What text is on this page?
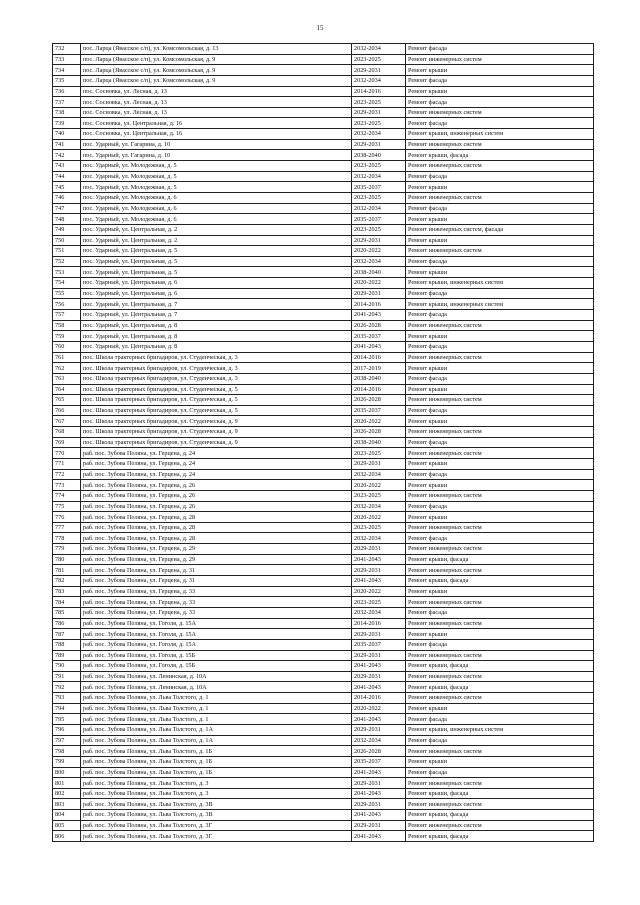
15
732	пос. Ларца (Явасское с/п), ул. Комсомольская, д. 13	2032-2034	Ремонт фасада
733	пос. Ларца (Явасское с/п), ул. Комсомольская, д. 9	2023-2025	Ремонт инженерных систем
734	пос. Ларца (Явасское с/п), ул. Комсомольская, д. 9	2029-2031	Ремонт крыши
735	пос. Ларца (Явасское с/п), ул. Комсомольская, д. 9	2032-2034	Ремонт фасада
736	пос. Сосновка, ул. Лесная, д. 13	2014-2016	Ремонт крыши
737	пос. Сосновка, ул. Лесная, д. 13	2023-2025	Ремонт фасада
738	пос. Сосновка, ул. Лесная, д. 13	2029-2031	Ремонт инженерных систем
739	пос. Сосновка, ул. Центральная, д. 16	2023-2025	Ремонт фасада
740	пос. Сосновка, ул. Центральная, д. 16	2032-2034	Ремонт крыши, инженерных систем
741	пос. Ударный, ул. Гагарина, д. 10	2029-2031	Ремонт инженерных систем
742	пос. Ударный, ул. Гагарина, д. 10	2038-2040	Ремонт крыши, фасада
743	пос. Ударный, ул. Молодежная, д. 5	2023-2025	Ремонт инженерных систем
744	пос. Ударный, ул. Молодежная, д. 5	2032-2034	Ремонт фасада
745	пос. Ударный, ул. Молодежная, д. 5	2035-2037	Ремонт крыши
746	пос. Ударный, ул. Молодежная, д. 6	2023-2025	Ремонт инженерных систем
747	пос. Ударный, ул. Молодежная, д. 6	2032-2034	Ремонт фасада
748	пос. Ударный, ул. Молодежная, д. 6	2035-2037	Ремонт крыши
749	пос. Ударный, ул. Центральная, д. 2	2023-2025	Ремонт инженерных систем, фасада
750	пос. Ударный, ул. Центральная, д. 2	2029-2031	Ремонт крыши
751	пос. Ударный, ул. Центральная, д. 5	2020-2022	Ремонт инженерных систем
752	пос. Ударный, ул. Центральная, д. 5	2032-2034	Ремонт фасада
753	пос. Ударный, ул. Центральная, д. 5	2038-2040	Ремонт крыши
754	пос. Ударный, ул. Центральная, д. 6	2020-2022	Ремонт крыши, инженерных систем
755	пос. Ударный, ул. Центральная, д. 6	2029-2031	Ремонт фасада
756	пос. Ударный, ул. Центральная, д. 7	2014-2016	Ремонт крыши, инженерных систем
757	пос. Ударный, ул. Центральная, д. 7	2041-2043	Ремонт фасада
758	пос. Ударный, ул. Центральная, д. 8	2026-2028	Ремонт инженерных систем
759	пос. Ударный, ул. Центральная, д. 8	2035-2037	Ремонт крыши
760	пос. Ударный, ул. Центральная, д. 8	2041-2043	Ремонт фасада
761	пос. Школа трактерных бригадиров, ул. Студенческая, д. 3	2014-2016	Ремонт инженерных систем
762	пос. Школа трактерных бригадиров, ул. Студенческая, д. 3	2017-2019	Ремонт крыши
763	пос. Школа трактерных бригадиров, ул. Студенческая, д. 3	2038-2040	Ремонт фасада
764	пос. Школа трактерных бригадиров, ул. Студенческая, д. 5	2014-2016	Ремонт крыши
765	пос. Школа трактерных бригадиров, ул. Студенческая, д. 5	2026-2028	Ремонт инженерных систем
766	пос. Школа трактерных бригадиров, ул. Студенческая, д. 5	2035-2037	Ремонт фасада
767	пос. Школа трактерных бригадиров, ул. Студенческая, д. 9	2020-2022	Ремонт крыши
768	пос. Школа трактерных бригадиров, ул. Студенческая, д. 9	2026-2028	Ремонт инженерных систем
769	пос. Школа трактерных бригадиров, ул. Студенческая, д. 9	2038-2040	Ремонт фасада
770	раб. пос. Зубова Поляна, ул. Герцена, д. 24	2023-2025	Ремонт инженерных систем
771	раб. пос. Зубова Поляна, ул. Герцена, д. 24	2029-2031	Ремонт крыши
772	раб. пос. Зубова Поляна, ул. Герцена, д. 24	2032-2034	Ремонт фасада
773	раб. пос. Зубова Поляна, ул. Герцена, д. 26	2020-2022	Ремонт крыши
774	раб. пос. Зубова Поляна, ул. Герцена, д. 26	2023-2025	Ремонт инженерных систем
775	раб. пос. Зубова Поляна, ул. Герцена, д. 26	2032-2034	Ремонт фасада
776	раб. пос. Зубова Поляна, ул. Герцена, д. 28	2020-2022	Ремонт крыши
777	раб. пос. Зубова Поляна, ул. Герцена, д. 28	2023-2025	Ремонт инженерных систем
778	раб. пос. Зубова Поляна, ул. Герцена, д. 28	2032-2034	Ремонт фасада
779	раб. пос. Зубова Поляна, ул. Герцена, д. 29	2029-2031	Ремонт инженерных систем
780	раб. пос. Зубова Поляна, ул. Герцена, д. 29	2041-2043	Ремонт крыши, фасада
781	раб. пос. Зубова Поляна, ул. Герцена, д. 31	2029-2031	Ремонт инженерных систем
782	раб. пос. Зубова Поляна, ул. Герцена, д. 31	2041-2043	Ремонт крыши, фасада
783	раб. пос. Зубова Поляна, ул. Герцена, д. 33	2020-2022	Ремонт крыши
784	раб. пос. Зубова Поляна, ул. Герцена, д. 33	2023-2025	Ремонт инженерных систем
785	раб. пос. Зубова Поляна, ул. Герцена, д. 33	2032-2034	Ремонт фасада
786	раб. пос. Зубова Поляна, ул. Гоголя, д. 15А	2014-2016	Ремонт инженерных систем
787	раб. пос. Зубова Поляна, ул. Гоголя, д. 15А	2029-2031	Ремонт крыши
788	раб. пос. Зубова Поляна, ул. Гоголя, д. 15А	2035-2037	Ремонт фасада
789	раб. пос. Зубова Поляна, ул. Гоголя, д. 15Б	2029-2031	Ремонт инженерных систем
790	раб. пос. Зубова Поляна, ул. Гоголя, д. 15Б	2041-2043	Ремонт крыши, фасада
791	раб. пос. Зубова Поляна, ул. Ленинская, д. 10А	2029-2031	Ремонт инженерных систем
792	раб. пос. Зубова Поляна, ул. Ленинская, д. 10А	2041-2043	Ремонт крыши, фасада
793	раб. пос. Зубова Поляна, ул. Льва Толстого, д. 1	2014-2016	Ремонт инженерных систем
794	раб. пос. Зубова Поляна, ул. Льва Толстого, д. 1	2020-2022	Ремонт крыши
795	раб. пос. Зубова Поляна, ул. Льва Толстого, д. 1	2041-2043	Ремонт фасада
796	раб. пос. Зубова Поляна, ул. Льва Толстого, д. 1А	2029-2031	Ремонт крыши, инженерных систем
797	раб. пос. Зубова Поляна, ул. Льва Толстого, д. 1А	2032-2034	Ремонт фасада
798	раб. пос. Зубова Поляна, ул. Льва Толстого, д. 1Б	2026-2028	Ремонт инженерных систем
799	раб. пос. Зубова Поляна, ул. Льва Толстого, д. 1Б	2035-2037	Ремонт крыши
800	раб. пос. Зубова Поляна, ул. Льва Толстого, д. 1Б	2041-2043	Ремонт фасада
801	раб. пос. Зубова Поляна, ул. Льва Толстого, д. 3	2029-2031	Ремонт инженерных систем
802	раб. пос. Зубова Поляна, ул. Льва Толстого, д. 3	2041-2043	Ремонт крыши, фасада
803	раб. пос. Зубова Поляна, ул. Льва Толстого, д. 3В	2029-2031	Ремонт инженерных систем
804	раб. пос. Зубова Поляна, ул. Льва Толстого, д. 3В	2041-2043	Ремонт крыши, фасада
805	раб. пос. Зубова Поляна, ул. Льва Толстого, д. 3Г	2029-2031	Ремонт инженерных систем
806	раб. пос. Зубова Поляна, ул. Льва Толстого, д. 3Г	2041-2043	Ремонт крыши, фасада
